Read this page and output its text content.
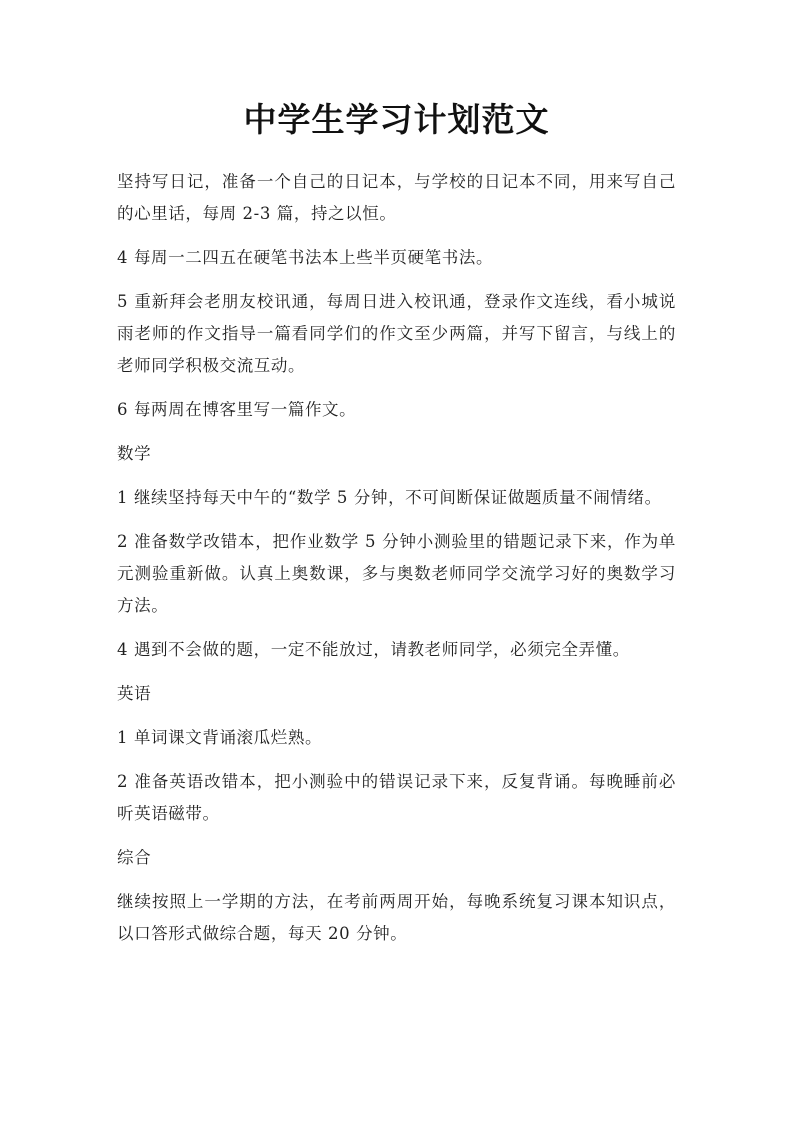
中学生学习计划范文

坚持写日记，准备一个自己的日记本，与学校的日记本不同，用来写自己的心里话，每周 2-3 篇，持之以恒。

4 每周一二四五在硬笔书法本上些半页硬笔书法。

5 重新拜会老朋友校讯通，每周日进入校讯通，登录作文连线，看小城说雨老师的作文指导一篇看同学们的作文至少两篇，并写下留言，与线上的老师同学积极交流互动。

6 每两周在博客里写一篇作文。

数学

1 继续坚持每天中午的“数学 5 分钟，不可间断保证做题质量不闹情绪。

2 准备数学改错本，把作业数学 5 分钟小测验里的错题记录下来，作为单元测验重新做。认真上奥数课，多与奥数老师同学交流学习好的奥数学习方法。

4 遇到不会做的题，一定不能放过，请教老师同学，必须完全弄懂。

英语

1 单词课文背诵滚瓜烂熟。

2 准备英语改错本，把小测验中的错误记录下来，反复背诵。每晚睡前必听英语磁带。

综合

继续按照上一学期的方法，在考前两周开始，每晚系统复习课本知识点，以口答形式做综合题，每天 20 分钟。
